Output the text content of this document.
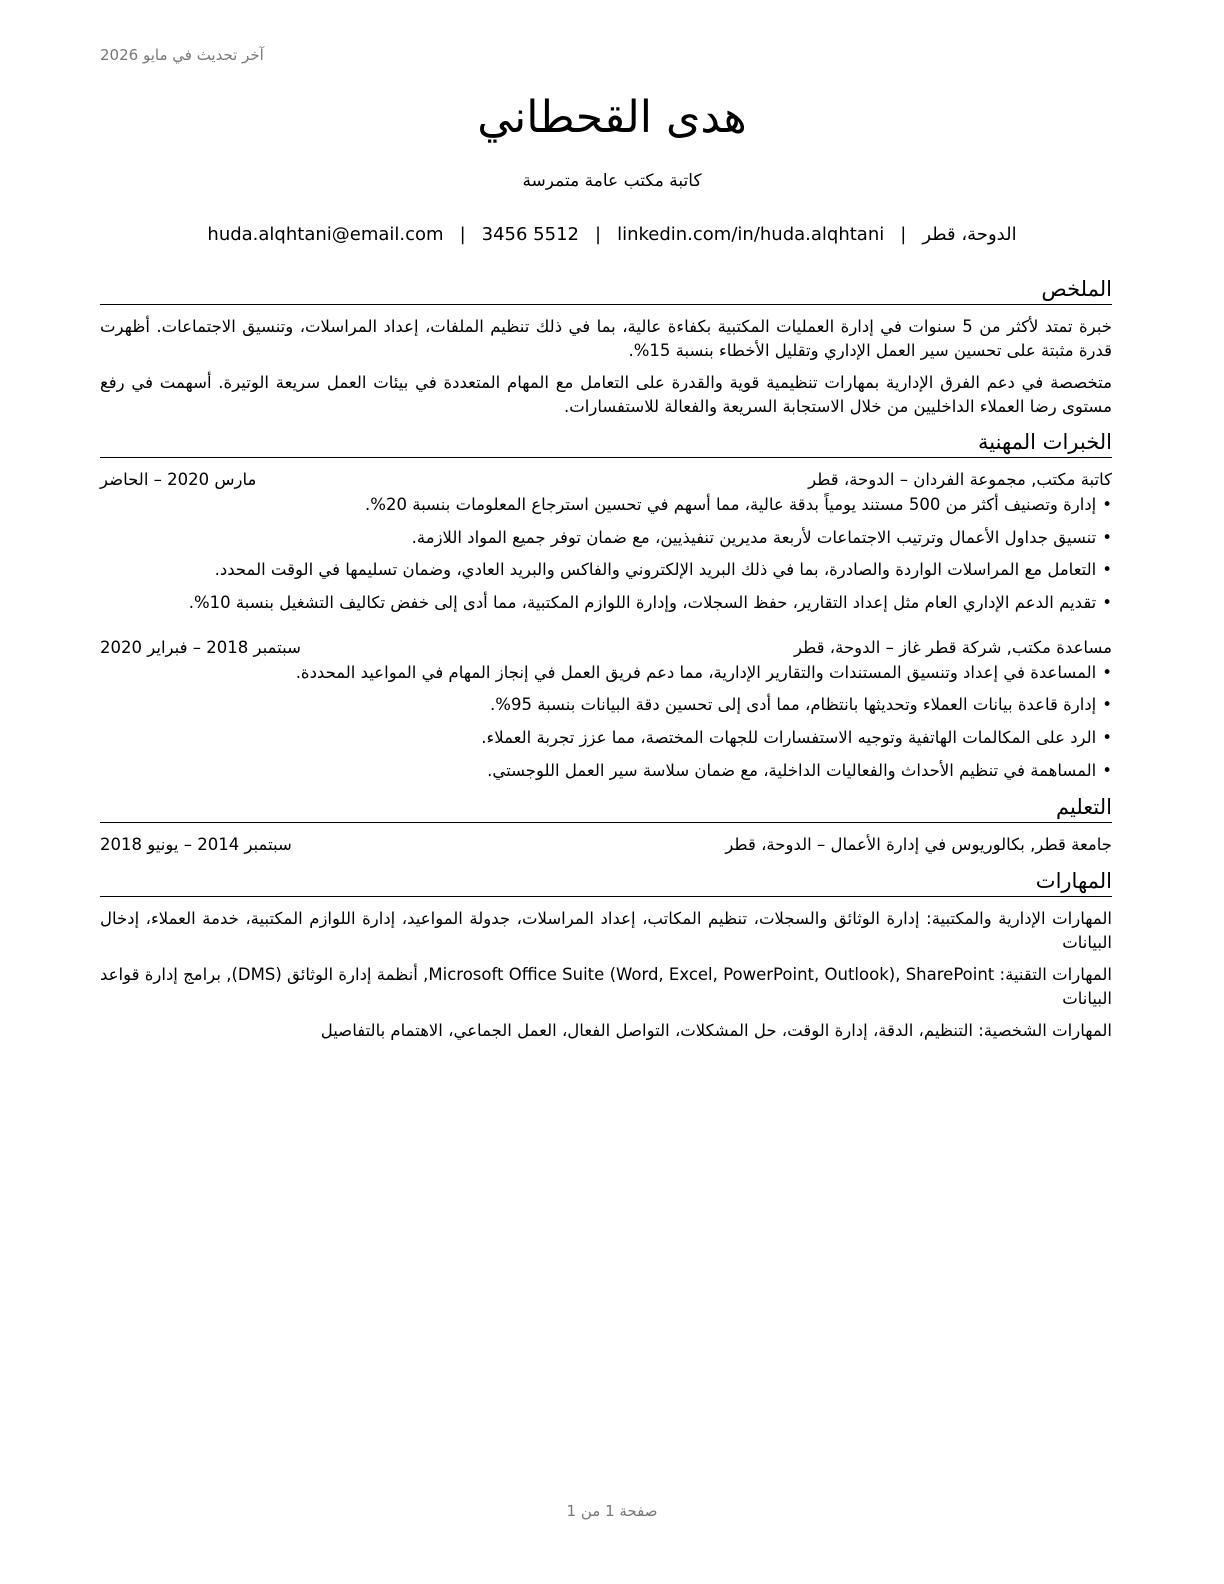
آخر تحديث في مايو 2026
هدى القحطاني
كاتبة مكتب عامة متمرسة
الدوحة، قطر|huda.alqhtani@email.com | 3456 5512 | linkedin.com/in/huda.alqhtani
الملخص

خبرة تمتد لأكثر من 5 سنوات في إدارة العمليات المكتبية بكفاءة عالية، بما في ذلك تنظيم الملفات، إعداد المراسلات، وتنسيق الاجتماعات. أظهرت قدرة مثبتة على تحسين سير العمل الإداري وتقليل الأخطاء بنسبة 15%.

متخصصة في دعم الفرق الإدارية بمهارات تنظيمية قوية والقدرة على التعامل مع المهام المتعددة في بيئات العمل سريعة الوتيرة. أسهمت في رفع مستوى رضا العملاء الداخليين من خلال الاستجابة السريعة والفعالة للاستفسارات.

الخبرات المهنية
كاتبة مكتب, مجموعة الفردان – الدوحة، قطر
مارس 2020 – الحاضر
•إدارة وتصنيف أكثر من 500 مستند يومياً بدقة عالية، مما أسهم في تحسين استرجاع المعلومات بنسبة 20%.
•تنسيق جداول الأعمال وترتيب الاجتماعات لأربعة مديرين تنفيذيين، مع ضمان توفر جميع المواد اللازمة.
•التعامل مع المراسلات الواردة والصادرة، بما في ذلك البريد الإلكتروني والفاكس والبريد العادي، وضمان تسليمها في الوقت المحدد.
•تقديم الدعم الإداري العام مثل إعداد التقارير، حفظ السجلات، وإدارة اللوازم المكتبية، مما أدى إلى خفض تكاليف التشغيل بنسبة 10%.
مساعدة مكتب, شركة قطر غاز – الدوحة، قطر
سبتمبر 2018 – فبراير 2020
•المساعدة في إعداد وتنسيق المستندات والتقارير الإدارية، مما دعم فريق العمل في إنجاز المهام في المواعيد المحددة.
•إدارة قاعدة بيانات العملاء وتحديثها بانتظام، مما أدى إلى تحسين دقة البيانات بنسبة 95%.
•الرد على المكالمات الهاتفية وتوجيه الاستفسارات للجهات المختصة، مما عزز تجربة العملاء.
•المساهمة في تنظيم الأحداث والفعاليات الداخلية، مع ضمان سلاسة سير العمل اللوجستي.
التعليم
جامعة قطر, بكالوريوس في إدارة الأعمال – الدوحة، قطر
سبتمبر 2014 – يونيو 2018
المهارات

المهارات الإدارية والمكتبية: إدارة الوثائق والسجلات، تنظيم المكاتب، إعداد المراسلات، جدولة المواعيد، إدارة اللوازم المكتبية، خدمة العملاء، إدخال البيانات

المهارات التقنية: Microsoft Office Suite (Word, Excel, PowerPoint, Outlook), SharePoint, أنظمة إدارة الوثائق (DMS), برامج إدارة قواعد البيانات

المهارات الشخصية: التنظيم، الدقة، إدارة الوقت، حل المشكلات، التواصل الفعال، العمل الجماعي، الاهتمام بالتفاصيل

صفحة 1 من 1
